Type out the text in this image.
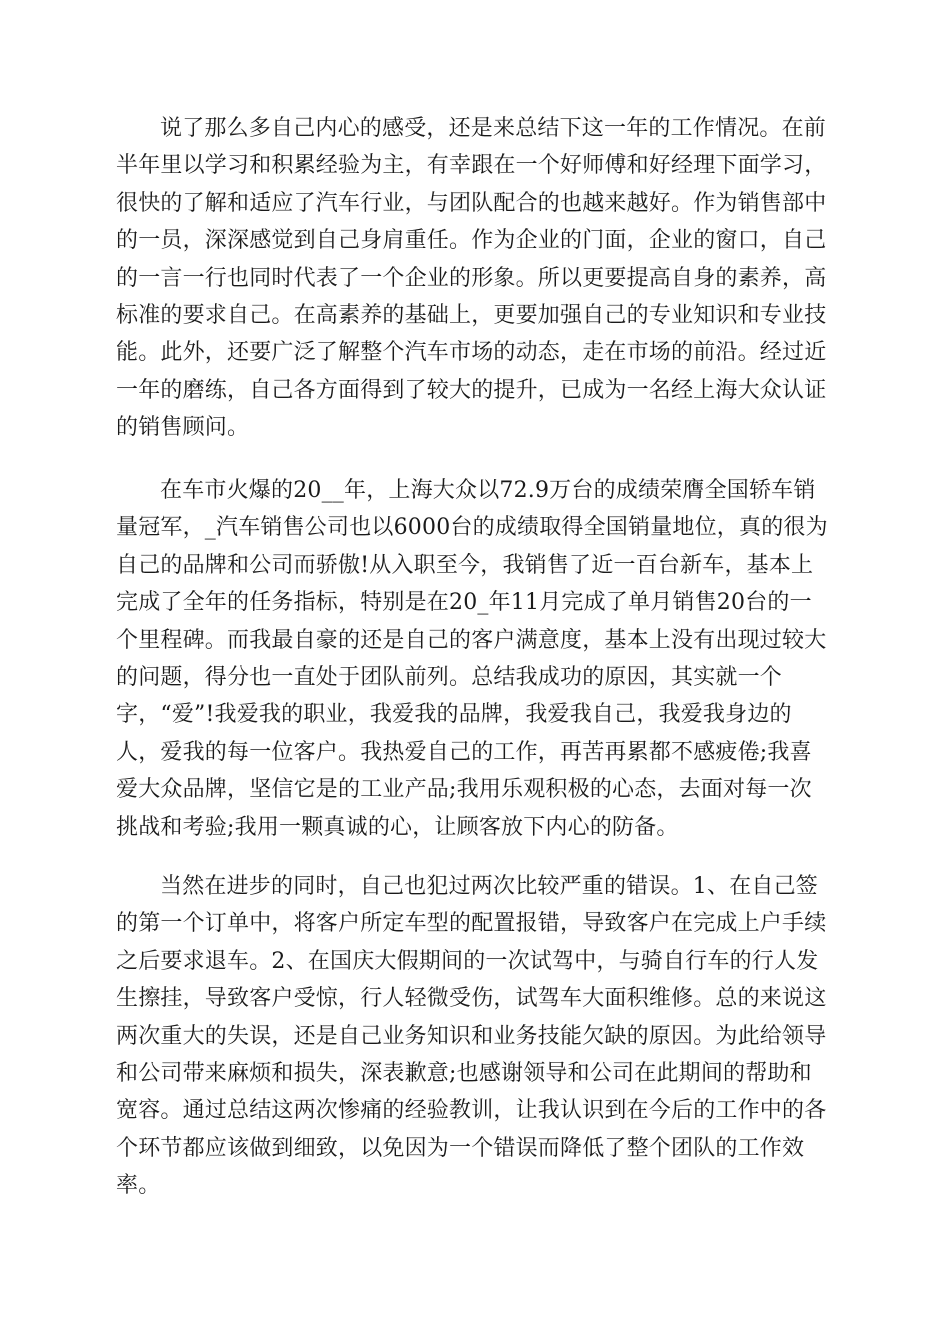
说了那么多自己内心的感受，还是来总结下这一年的工作情况。在前
半年里以学习和积累经验为主，有幸跟在一个好师傅和好经理下面学习，
很快的了解和适应了汽车行业，与团队配合的也越来越好。作为销售部中
的一员，深深感觉到自己身肩重任。作为企业的门面，企业的窗口，自己
的一言一行也同时代表了一个企业的形象。所以更要提高自身的素养，高
标准的要求自己。在高素养的基础上，更要加强自己的专业知识和专业技
能。此外，还要广泛了解整个汽车市场的动态，走在市场的前沿。经过近
一年的磨练，自己各方面得到了较大的提升，已成为一名经上海大众认证
的销售顾问。
在车市火爆的20__年，上海大众以72.9万台的成绩荣膺全国轿车销
量冠军，_汽车销售公司也以6000台的成绩取得全国销量地位，真的很为
自己的品牌和公司而骄傲!从入职至今，我销售了近一百台新车，基本上
完成了全年的任务指标，特别是在20_年11月完成了单月销售20台的一
个里程碑。而我最自豪的还是自己的客户满意度，基本上没有出现过较大
的问题，得分也一直处于团队前列。总结我成功的原因，其实就一个
字，“爱”!我爱我的职业，我爱我的品牌，我爱我自己，我爱我身边的
人，爱我的每一位客户。我热爱自己的工作，再苦再累都不感疲倦;我喜
爱大众品牌，坚信它是的工业产品;我用乐观积极的心态，去面对每一次
挑战和考验;我用一颗真诚的心，让顾客放下内心的防备。
当然在进步的同时，自己也犯过两次比较严重的错误。1、在自己签
的第一个订单中，将客户所定车型的配置报错，导致客户在完成上户手续
之后要求退车。2、在国庆大假期间的一次试驾中，与骑自行车的行人发
生擦挂，导致客户受惊，行人轻微受伤，试驾车大面积维修。总的来说这
两次重大的失误，还是自己业务知识和业务技能欠缺的原因。为此给领导
和公司带来麻烦和损失，深表歉意;也感谢领导和公司在此期间的帮助和
宽容。通过总结这两次惨痛的经验教训，让我认识到在今后的工作中的各
个环节都应该做到细致，以免因为一个错误而降低了整个团队的工作效
率。
